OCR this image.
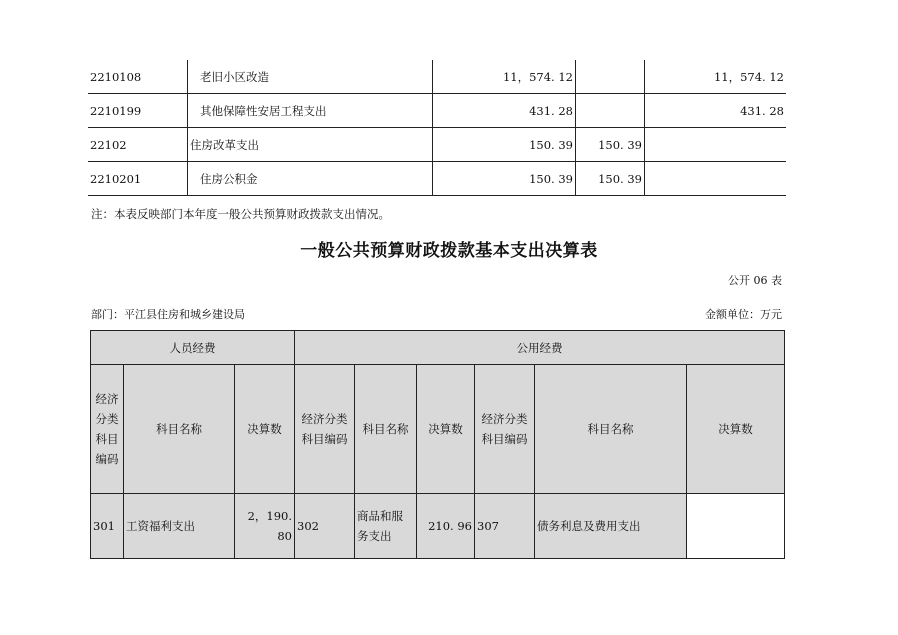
2210108	老旧小区改造	11，574. 12		11，574. 12
2210199	其他保障性安居工程支出	431. 28		431. 28
22102	住房改革支出	150. 39	150. 39	
2210201	住房公积金	150. 39	150. 39	
注：本表反映部门本年度一般公共预算财政拨款支出情况。
一般公共预算财政拨款基本支出决算表
公开 06 表
部门：平江县住房和城乡建设局	金额单位：万元
人员经费			公用经费					
经济分类科目编码	科目名称	决算数	经济分类科目编码	科目名称	决算数	经济分类科目编码	科目名称	决算数
301	工资福利支出	2，190. 80	302	商品和服务支出	210. 96	307	债务利息及费用支出	
